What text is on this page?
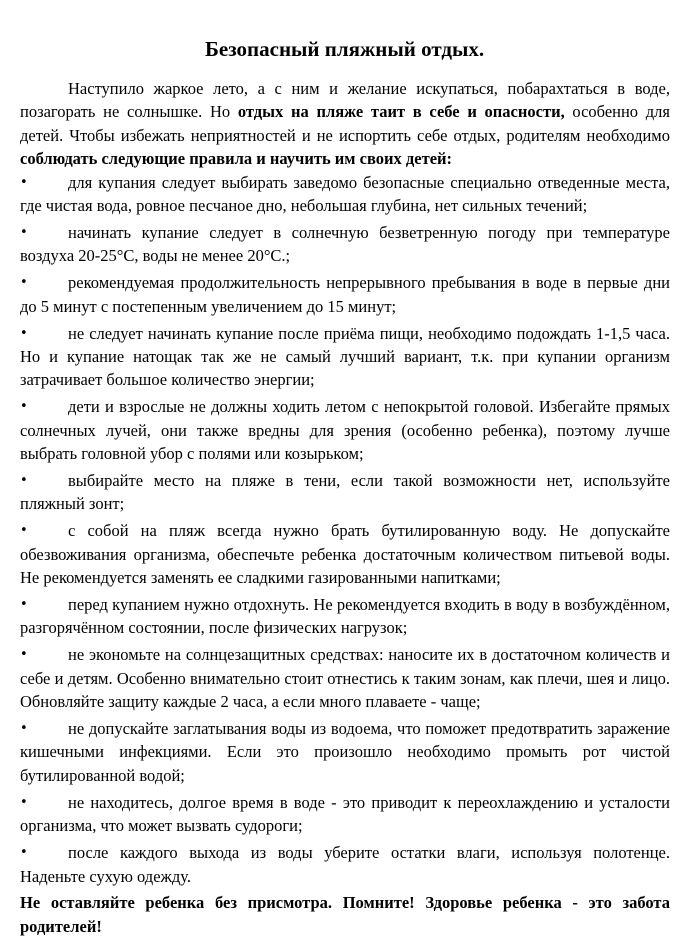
Безопасный пляжный отдых.

Наступило жаркое лето, а с ним и желание искупаться, побарахтаться в воде, позагорать не солнышке. Но отдых на пляже таит в себе и опасности, особенно для детей. Чтобы избежать неприятностей и не испортить себе отдых, родителям необходимо соблюдать следующие правила и научить им своих детей:

• для купания следует выбирать заведомо безопасные специально отведенные места, где чистая вода, ровное песчаное дно, небольшая глубина, нет сильных течений;
• начинать купание следует в солнечную безветренную погоду при температуре воздуха 20-25°С, воды не менее 20°С.;
• рекомендуемая продолжительность непрерывного пребывания в воде в первые дни до 5 минут с постепенным увеличением до 15 минут;
• не следует начинать купание после приёма пищи, необходимо подождать 1-1,5 часа. Но и купание натощак так же не самый лучший вариант, т.к. при купании организм затрачивает большое количество энергии;
• дети и взрослые не должны ходить летом с непокрытой головой. Избегайте прямых солнечных лучей, они также вредны для зрения (особенно ребенка), поэтому лучше выбрать головной убор с полями или козырьком;
• выбирайте место на пляже в тени, если такой возможности нет, используйте пляжный зонт;
• с собой на пляж всегда нужно брать бутилированную воду. Не допускайте обезвоживания организма, обеспечьте ребенка достаточным количеством питьевой воды. Не рекомендуется заменять ее сладкими газированными напитками;
• перед купанием нужно отдохнуть. Не рекомендуется входить в воду в возбуждённом, разгорячённом состоянии, после физических нагрузок;
• не экономьте на солнцезащитных средствах: наносите их в достаточном количеств и себе и детям. Особенно внимательно стоит отнестись к таким зонам, как плечи, шея и лицо. Обновляйте защиту каждые 2 часа, а если много плаваете - чаще;
• не допускайте заглатывания воды из водоема, что поможет предотвратить заражение кишечными инфекциями. Если это произошло необходимо промыть рот чистой бутилированной водой;
• не находитесь, долгое время в воде - это приводит к переохлаждению и усталости организма, что может вызвать судороги;
• после каждого выхода из воды уберите остатки влаги, используя полотенце. Наденьте сухую одежду.

Не оставляйте ребенка без присмотра. Помните! Здоровье ребенка - это забота родителей!
